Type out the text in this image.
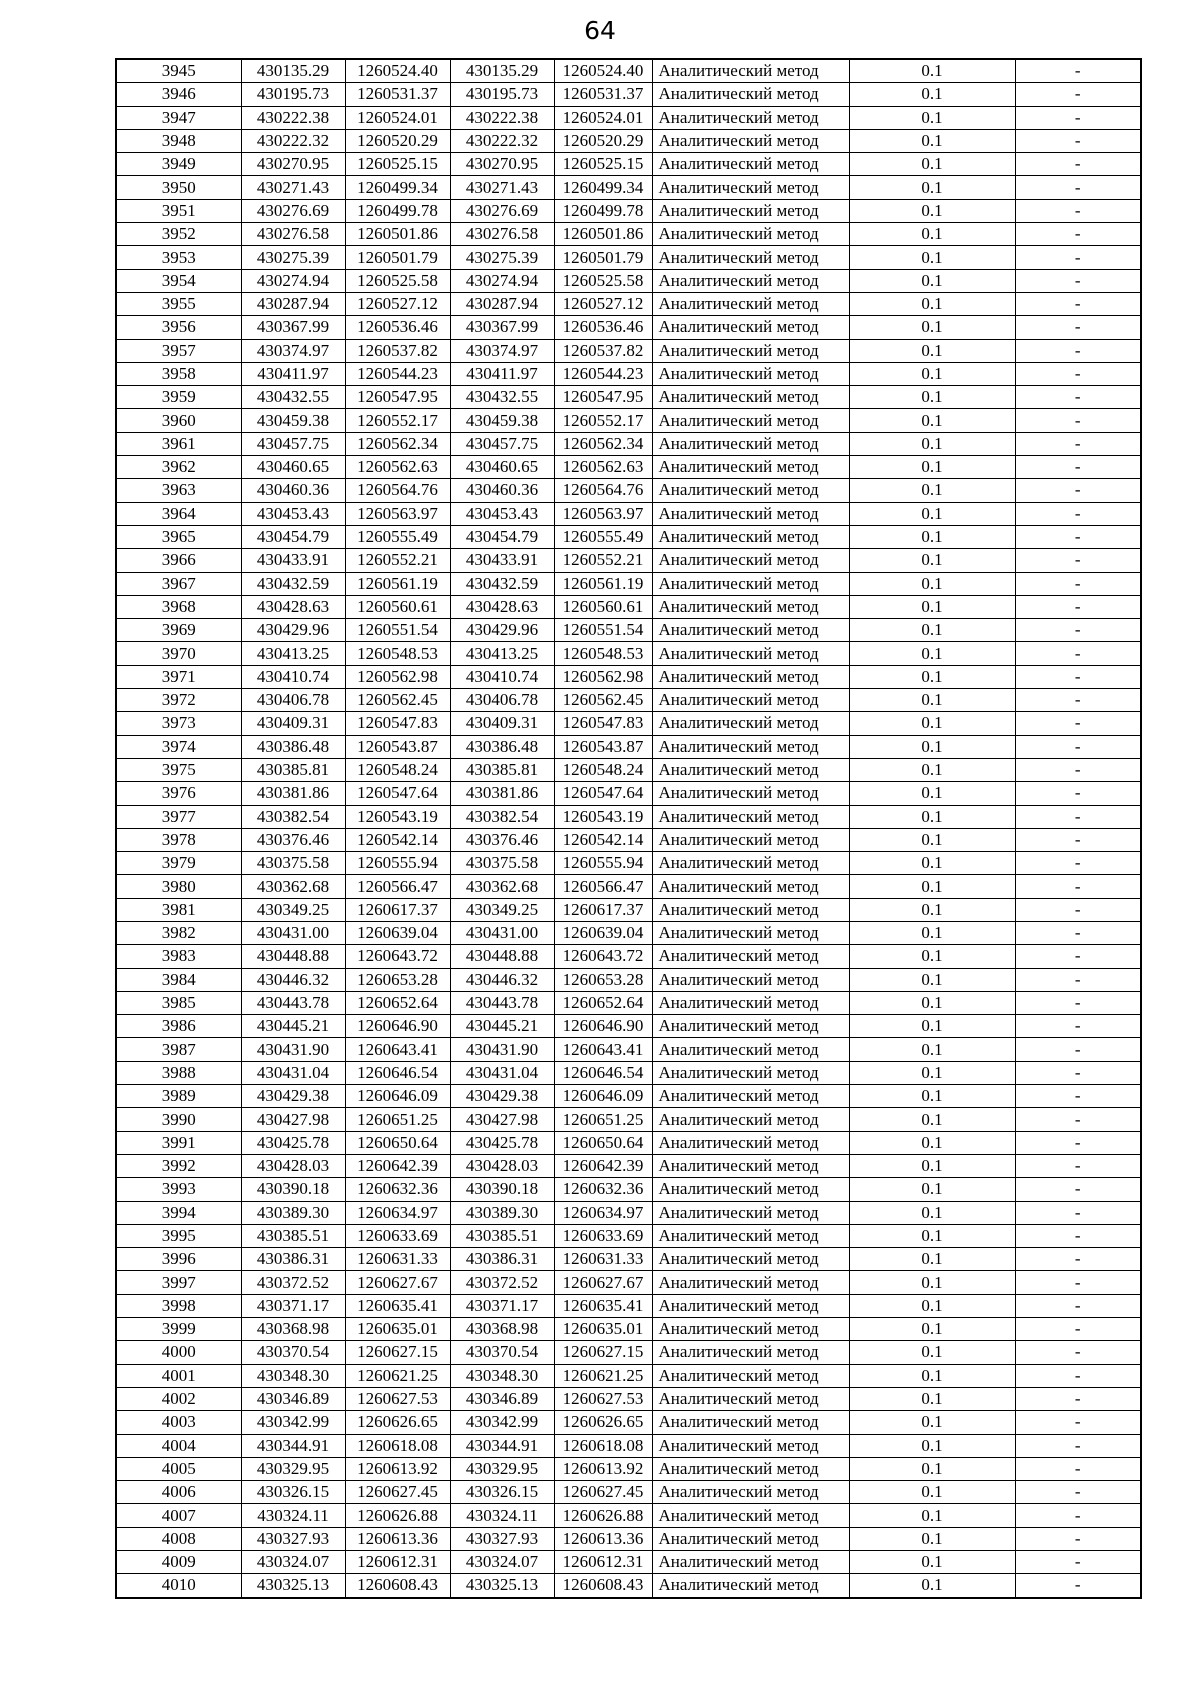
64
3945	430135.29	1260524.40	430135.29	1260524.40	Аналитический метод	0.1	-
3946	430195.73	1260531.37	430195.73	1260531.37	Аналитический метод	0.1	-
3947	430222.38	1260524.01	430222.38	1260524.01	Аналитический метод	0.1	-
3948	430222.32	1260520.29	430222.32	1260520.29	Аналитический метод	0.1	-
3949	430270.95	1260525.15	430270.95	1260525.15	Аналитический метод	0.1	-
3950	430271.43	1260499.34	430271.43	1260499.34	Аналитический метод	0.1	-
3951	430276.69	1260499.78	430276.69	1260499.78	Аналитический метод	0.1	-
3952	430276.58	1260501.86	430276.58	1260501.86	Аналитический метод	0.1	-
3953	430275.39	1260501.79	430275.39	1260501.79	Аналитический метод	0.1	-
3954	430274.94	1260525.58	430274.94	1260525.58	Аналитический метод	0.1	-
3955	430287.94	1260527.12	430287.94	1260527.12	Аналитический метод	0.1	-
3956	430367.99	1260536.46	430367.99	1260536.46	Аналитический метод	0.1	-
3957	430374.97	1260537.82	430374.97	1260537.82	Аналитический метод	0.1	-
3958	430411.97	1260544.23	430411.97	1260544.23	Аналитический метод	0.1	-
3959	430432.55	1260547.95	430432.55	1260547.95	Аналитический метод	0.1	-
3960	430459.38	1260552.17	430459.38	1260552.17	Аналитический метод	0.1	-
3961	430457.75	1260562.34	430457.75	1260562.34	Аналитический метод	0.1	-
3962	430460.65	1260562.63	430460.65	1260562.63	Аналитический метод	0.1	-
3963	430460.36	1260564.76	430460.36	1260564.76	Аналитический метод	0.1	-
3964	430453.43	1260563.97	430453.43	1260563.97	Аналитический метод	0.1	-
3965	430454.79	1260555.49	430454.79	1260555.49	Аналитический метод	0.1	-
3966	430433.91	1260552.21	430433.91	1260552.21	Аналитический метод	0.1	-
3967	430432.59	1260561.19	430432.59	1260561.19	Аналитический метод	0.1	-
3968	430428.63	1260560.61	430428.63	1260560.61	Аналитический метод	0.1	-
3969	430429.96	1260551.54	430429.96	1260551.54	Аналитический метод	0.1	-
3970	430413.25	1260548.53	430413.25	1260548.53	Аналитический метод	0.1	-
3971	430410.74	1260562.98	430410.74	1260562.98	Аналитический метод	0.1	-
3972	430406.78	1260562.45	430406.78	1260562.45	Аналитический метод	0.1	-
3973	430409.31	1260547.83	430409.31	1260547.83	Аналитический метод	0.1	-
3974	430386.48	1260543.87	430386.48	1260543.87	Аналитический метод	0.1	-
3975	430385.81	1260548.24	430385.81	1260548.24	Аналитический метод	0.1	-
3976	430381.86	1260547.64	430381.86	1260547.64	Аналитический метод	0.1	-
3977	430382.54	1260543.19	430382.54	1260543.19	Аналитический метод	0.1	-
3978	430376.46	1260542.14	430376.46	1260542.14	Аналитический метод	0.1	-
3979	430375.58	1260555.94	430375.58	1260555.94	Аналитический метод	0.1	-
3980	430362.68	1260566.47	430362.68	1260566.47	Аналитический метод	0.1	-
3981	430349.25	1260617.37	430349.25	1260617.37	Аналитический метод	0.1	-
3982	430431.00	1260639.04	430431.00	1260639.04	Аналитический метод	0.1	-
3983	430448.88	1260643.72	430448.88	1260643.72	Аналитический метод	0.1	-
3984	430446.32	1260653.28	430446.32	1260653.28	Аналитический метод	0.1	-
3985	430443.78	1260652.64	430443.78	1260652.64	Аналитический метод	0.1	-
3986	430445.21	1260646.90	430445.21	1260646.90	Аналитический метод	0.1	-
3987	430431.90	1260643.41	430431.90	1260643.41	Аналитический метод	0.1	-
3988	430431.04	1260646.54	430431.04	1260646.54	Аналитический метод	0.1	-
3989	430429.38	1260646.09	430429.38	1260646.09	Аналитический метод	0.1	-
3990	430427.98	1260651.25	430427.98	1260651.25	Аналитический метод	0.1	-
3991	430425.78	1260650.64	430425.78	1260650.64	Аналитический метод	0.1	-
3992	430428.03	1260642.39	430428.03	1260642.39	Аналитический метод	0.1	-
3993	430390.18	1260632.36	430390.18	1260632.36	Аналитический метод	0.1	-
3994	430389.30	1260634.97	430389.30	1260634.97	Аналитический метод	0.1	-
3995	430385.51	1260633.69	430385.51	1260633.69	Аналитический метод	0.1	-
3996	430386.31	1260631.33	430386.31	1260631.33	Аналитический метод	0.1	-
3997	430372.52	1260627.67	430372.52	1260627.67	Аналитический метод	0.1	-
3998	430371.17	1260635.41	430371.17	1260635.41	Аналитический метод	0.1	-
3999	430368.98	1260635.01	430368.98	1260635.01	Аналитический метод	0.1	-
4000	430370.54	1260627.15	430370.54	1260627.15	Аналитический метод	0.1	-
4001	430348.30	1260621.25	430348.30	1260621.25	Аналитический метод	0.1	-
4002	430346.89	1260627.53	430346.89	1260627.53	Аналитический метод	0.1	-
4003	430342.99	1260626.65	430342.99	1260626.65	Аналитический метод	0.1	-
4004	430344.91	1260618.08	430344.91	1260618.08	Аналитический метод	0.1	-
4005	430329.95	1260613.92	430329.95	1260613.92	Аналитический метод	0.1	-
4006	430326.15	1260627.45	430326.15	1260627.45	Аналитический метод	0.1	-
4007	430324.11	1260626.88	430324.11	1260626.88	Аналитический метод	0.1	-
4008	430327.93	1260613.36	430327.93	1260613.36	Аналитический метод	0.1	-
4009	430324.07	1260612.31	430324.07	1260612.31	Аналитический метод	0.1	-
4010	430325.13	1260608.43	430325.13	1260608.43	Аналитический метод	0.1	-
